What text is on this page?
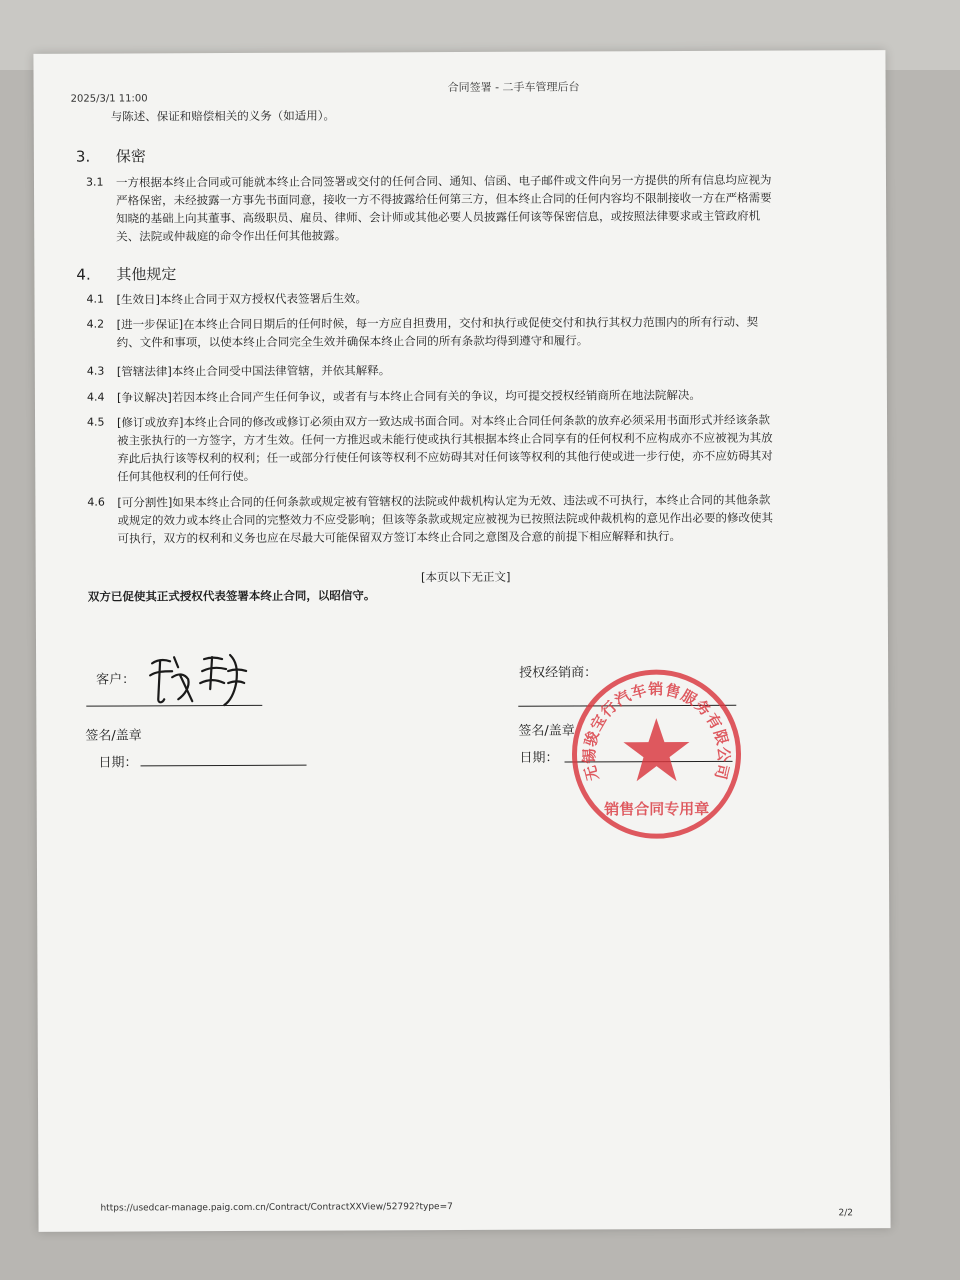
2025/3/1 11:00
合同签署 - 二手车管理后台
与陈述、保证和赔偿相关的义务（如适用）。
3. 保密
3.1 一方根据本终止合同或可能就本终止合同签署或交付的任何合同、通知、信函、电子邮件或文件向另一方提供的所有信息均应视为
严格保密，未经披露一方事先书面同意，接收一方不得披露给任何第三方，但本终止合同的任何内容均不限制接收一方在严格需要
知晓的基础上向其董事、高级职员、雇员、律师、会计师或其他必要人员披露任何该等保密信息，或按照法律要求或主管政府机
关、法院或仲裁庭的命令作出任何其他披露。
4. 其他规定
4.1 [生效日]本终止合同于双方授权代表签署后生效。
4.2 [进一步保证]在本终止合同日期后的任何时候，每一方应自担费用，交付和执行或促使交付和执行其权力范围内的所有行动、契
约、文件和事项，以使本终止合同完全生效并确保本终止合同的所有条款均得到遵守和履行。
4.3 [管辖法律]本终止合同受中国法律管辖，并依其解释。
4.4 [争议解决]若因本终止合同产生任何争议，或者有与本终止合同有关的争议，均可提交授权经销商所在地法院解决。
4.5 [修订或放弃]本终止合同的修改或修订必须由双方一致达成书面合同。对本终止合同任何条款的放弃必须采用书面形式并经该条款
被主张执行的一方签字，方才生效。任何一方推迟或未能行使或执行其根据本终止合同享有的任何权利不应构成亦不应被视为其放
弃此后执行该等权利的权利；任一或部分行使任何该等权利不应妨碍其对任何该等权利的其他行使或进一步行使，亦不应妨碍其对
任何其他权利的任何行使。
4.6 [可分割性]如果本终止合同的任何条款或规定被有管辖权的法院或仲裁机构认定为无效、违法或不可执行，本终止合同的其他条款
或规定的效力或本终止合同的完整效力不应受影响；但该等条款或规定应被视为已按照法院或仲裁机构的意见作出必要的修改使其
可执行，双方的权利和义务也应在尽最大可能保留双方签订本终止合同之意图及合意的前提下相应解释和执行。
[本页以下无正文]
双方已促使其正式授权代表签署本终止合同，以昭信守。
客户：
签名/盖章
日期：
授权经销商：
签名/盖章
日期：
无锡骏宝行汽车销售服务有限公司
销售合同专用章
https://usedcar-manage.paig.com.cn/Contract/ContractXXView/52792?type=7	2/2
